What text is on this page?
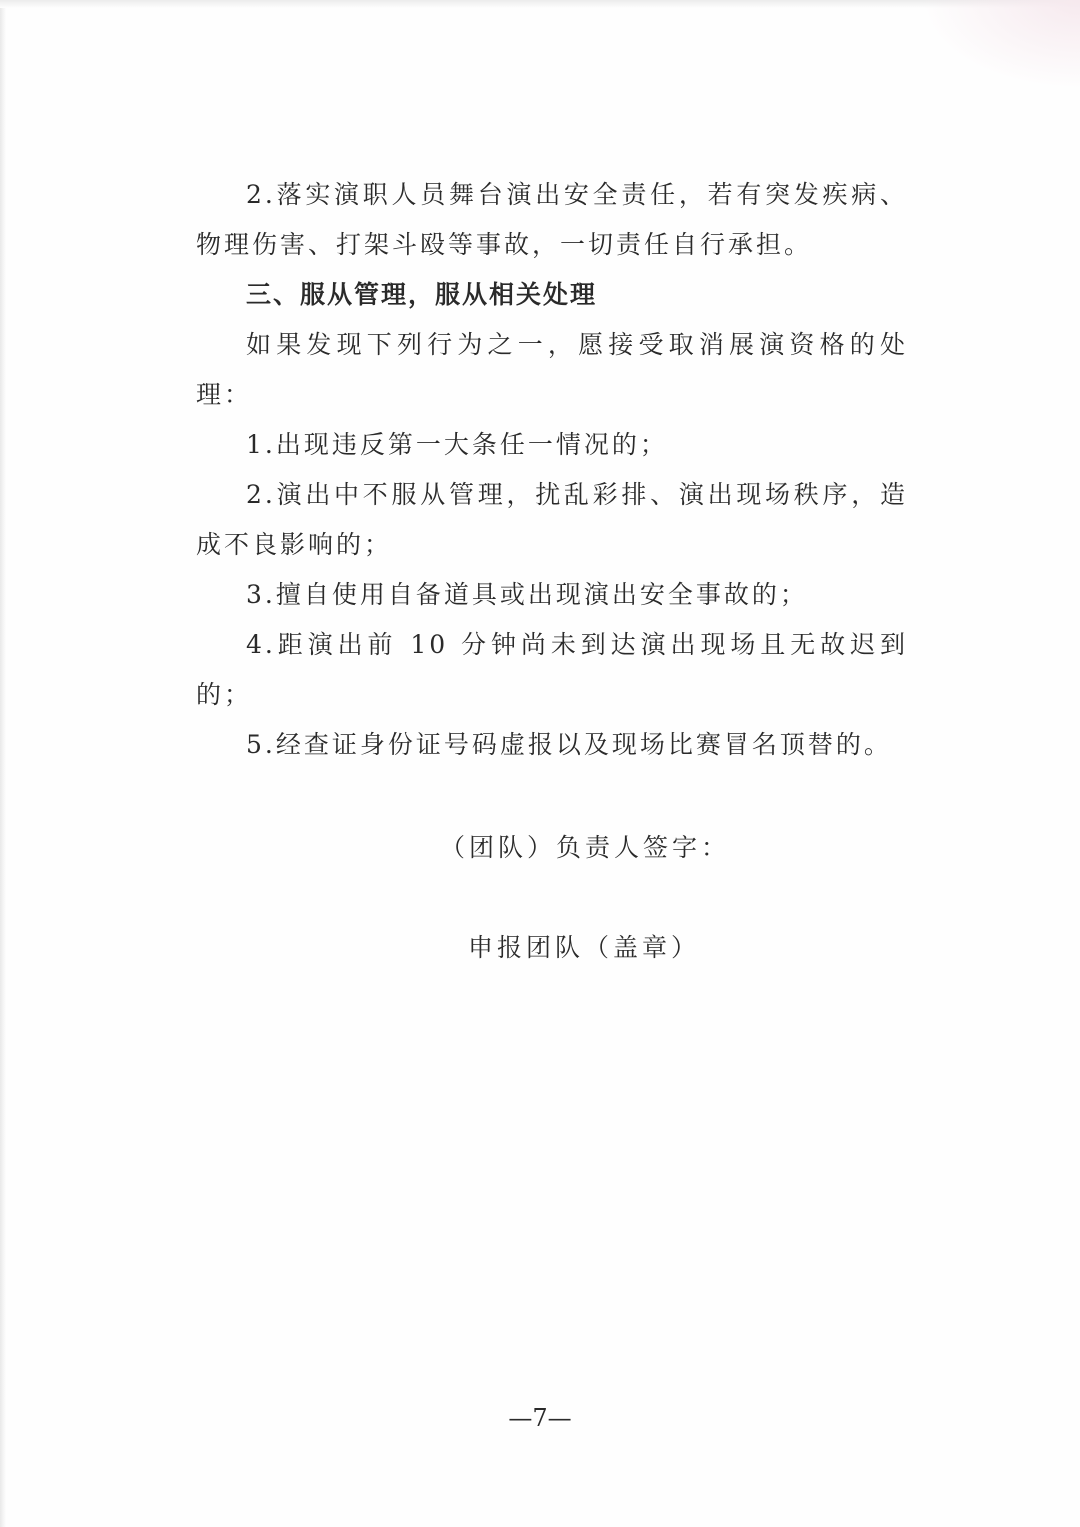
2.落实演职人员舞台演出安全责任，若有突发疾病、物理伤害、打架斗殴等事故，一切责任自行承担。

三、服从管理，服从相关处理

如果发现下列行为之一，愿接受取消展演资格的处理：

1.出现违反第一大条任一情况的；

2.演出中不服从管理，扰乱彩排、演出现场秩序，造成不良影响的；

3.擅自使用自备道具或出现演出安全事故的；

4.距演出前 10 分钟尚未到达演出现场且无故迟到的；

5.经查证身份证号码虚报以及现场比赛冒名顶替的。

（团队）负责人签字：
申报团队（盖章）
—7—
